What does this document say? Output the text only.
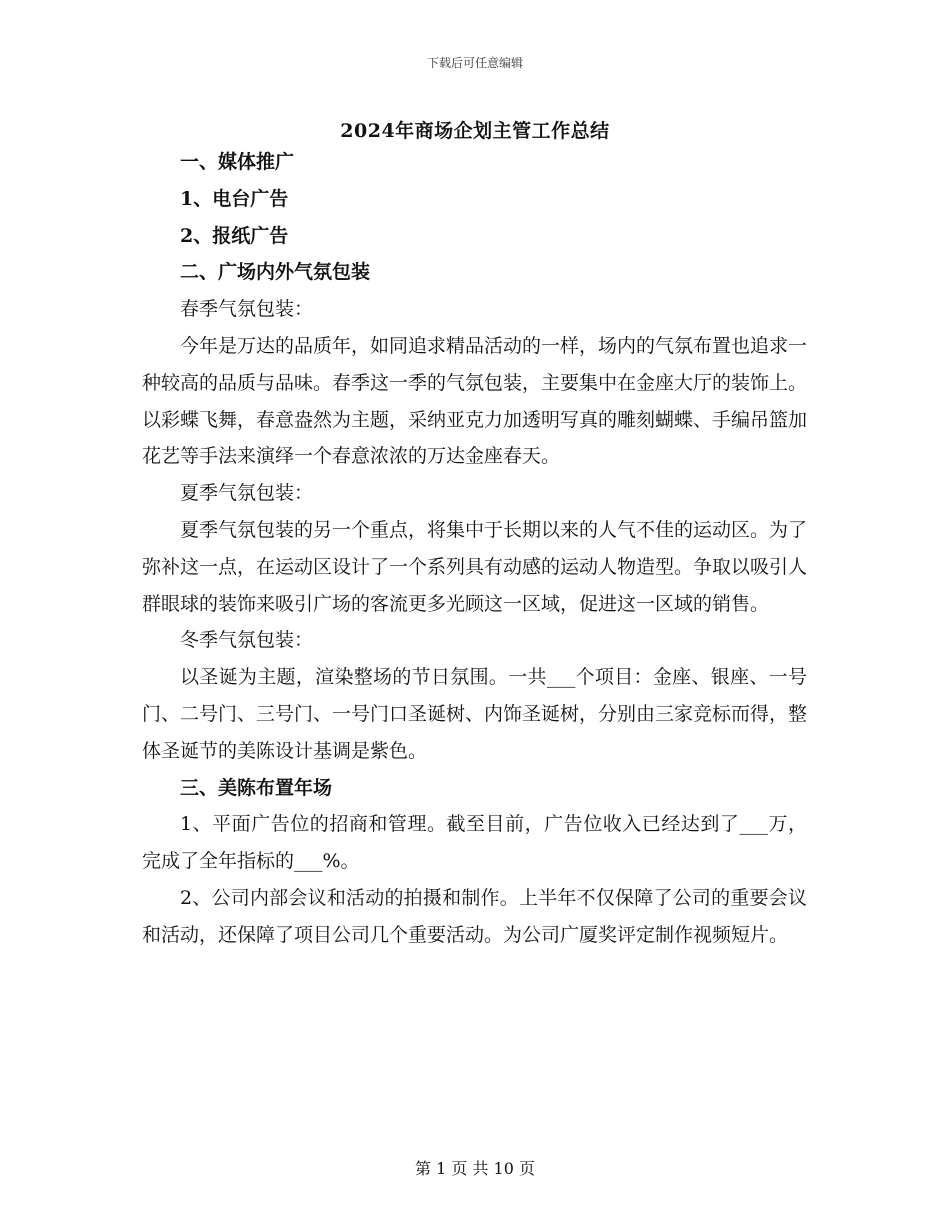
下载后可任意编辑
2024年商场企划主管工作总结

一、媒体推广

1、电台广告

2、报纸广告

二、广场内外气氛包装

春季气氛包装：

今年是万达的品质年，如同追求精品活动的一样，场内的气氛布置也追求一种较高的品质与品味。春季这一季的气氛包装，主要集中在金座大厅的装饰上。以彩蝶飞舞，春意盎然为主题，采纳亚克力加透明写真的雕刻蝴蝶、手编吊篮加花艺等手法来演绎一个春意浓浓的万达金座春天。

夏季气氛包装：

夏季气氛包装的另一个重点，将集中于长期以来的人气不佳的运动区。为了弥补这一点，在运动区设计了一个系列具有动感的运动人物造型。争取以吸引人群眼球的装饰来吸引广场的客流更多光顾这一区域，促进这一区域的销售。

冬季气氛包装：

以圣诞为主题，渲染整场的节日氛围。一共___个项目：金座、银座、一号门、二号门、三号门、一号门口圣诞树、内饰圣诞树，分别由三家竞标而得，整体圣诞节的美陈设计基调是紫色。

三、美陈布置年场

1、平面广告位的招商和管理。截至目前，广告位收入已经达到了___万，完成了全年指标的___%。

2、公司内部会议和活动的拍摄和制作。上半年不仅保障了公司的重要会议和活动，还保障了项目公司几个重要活动。为公司广厦奖评定制作视频短片。

第 1 页 共 10 页
